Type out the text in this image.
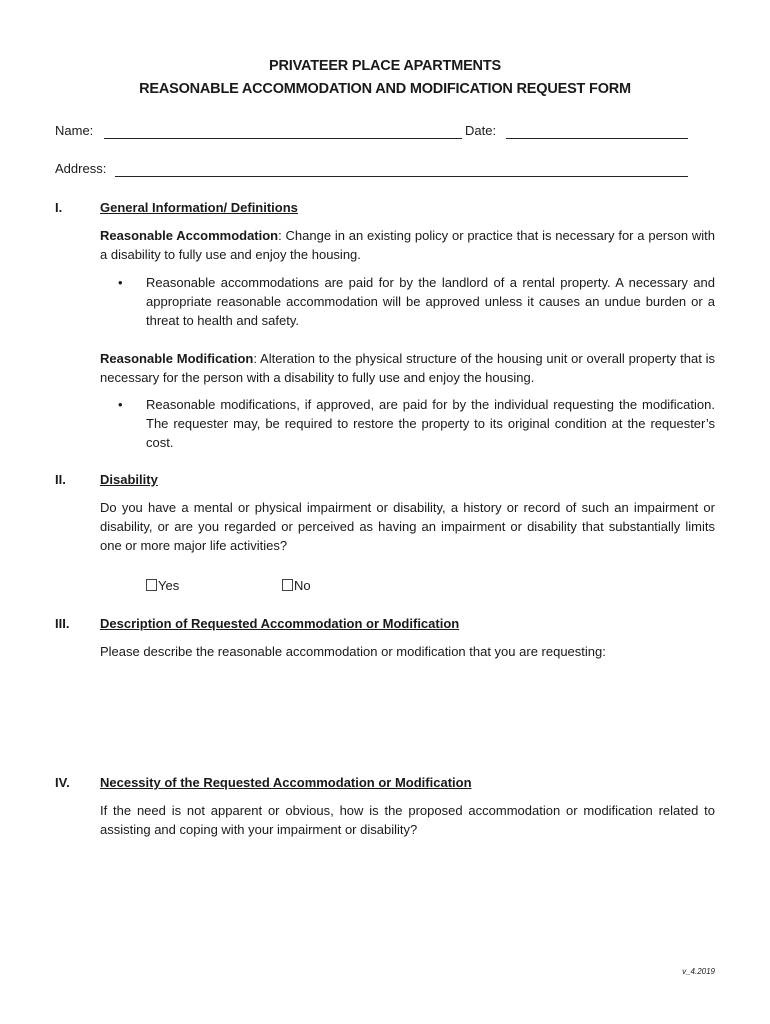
PRIVATEER PLACE APARTMENTS
REASONABLE ACCOMMODATION AND MODIFICATION REQUEST FORM
Name:	Date:
Address:
I.	General Information/ Definitions
Reasonable Accommodation: Change in an existing policy or practice that is necessary for a person with a disability to fully use and enjoy the housing.
•	Reasonable accommodations are paid for by the landlord of a rental property. A necessary and appropriate reasonable accommodation will be approved unless it causes an undue burden or a threat to health and safety.
Reasonable Modification: Alteration to the physical structure of the housing unit or overall property that is necessary for the person with a disability to fully use and enjoy the housing.
•	Reasonable modifications, if approved, are paid for by the individual requesting the modification. The requester may, be required to restore the property to its original condition at the requester’s cost.
II.	Disability
Do you have a mental or physical impairment or disability, a history or record of such an impairment or disability, or are you regarded or perceived as having an impairment or disability that substantially limits one or more major life activities?
Yes	No
III. Description of Requested Accommodation or Modification
Please describe the reasonable accommodation or modification that you are requesting:
IV. Necessity of the Requested Accommodation or Modification
If the need is not apparent or obvious, how is the proposed accommodation or modification related to assisting and coping with your impairment or disability?
v_4.2019
